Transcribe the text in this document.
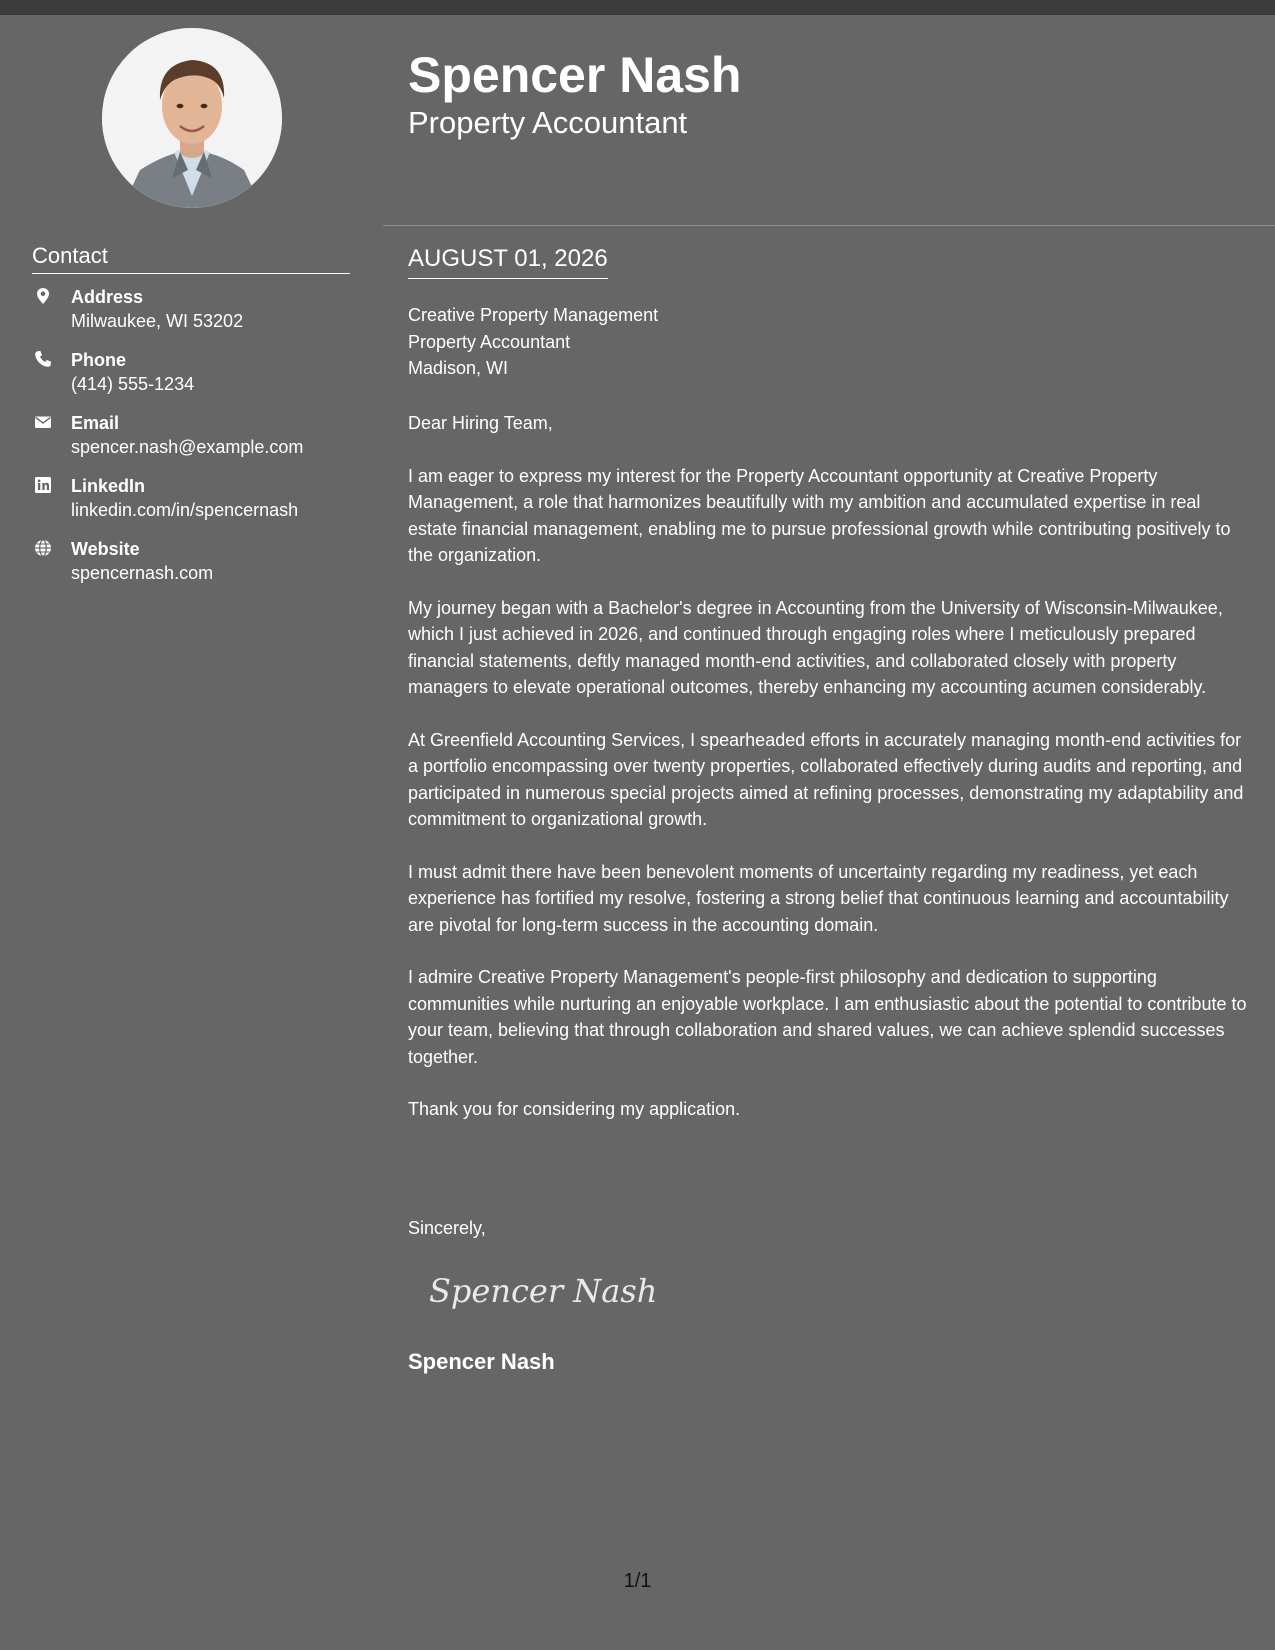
Contact
Address
Milwaukee, WI 53202
Phone
(414) 555-1234
Email
spencer.nash@example.com
LinkedIn
linkedin.com/in/spencernash
Website
spencernash.com
Spencer Nash
Property Accountant
AUGUST 01, 2026
Creative Property Management
Property Accountant
Madison, WI

Dear Hiring Team,

I am eager to express my interest for the Property Accountant opportunity at Creative Property Management, a role that harmonizes beautifully with my ambition and accumulated expertise in real estate financial management, enabling me to pursue professional growth while contributing positively to the organization.

My journey began with a Bachelor's degree in Accounting from the University of Wisconsin-Milwaukee, which I just achieved in 2026, and continued through engaging roles where I meticulously prepared financial statements, deftly managed month-end activities, and collaborated closely with property managers to elevate operational outcomes, thereby enhancing my accounting acumen considerably.

At Greenfield Accounting Services, I spearheaded efforts in accurately managing month-end activities for a portfolio encompassing over twenty properties, collaborated effectively during audits and reporting, and participated in numerous special projects aimed at refining processes, demonstrating my adaptability and commitment to organizational growth.

I must admit there have been benevolent moments of uncertainty regarding my readiness, yet each experience has fortified my resolve, fostering a strong belief that continuous learning and accountability are pivotal for long-term success in the accounting domain.

I admire Creative Property Management's people-first philosophy and dedication to supporting communities while nurturing an enjoyable workplace. I am enthusiastic about the potential to contribute to your team, believing that through collaboration and shared values, we can achieve splendid successes together.

Thank you for considering my application.

Sincerely,
Spencer Nash
Spencer Nash
1/1
